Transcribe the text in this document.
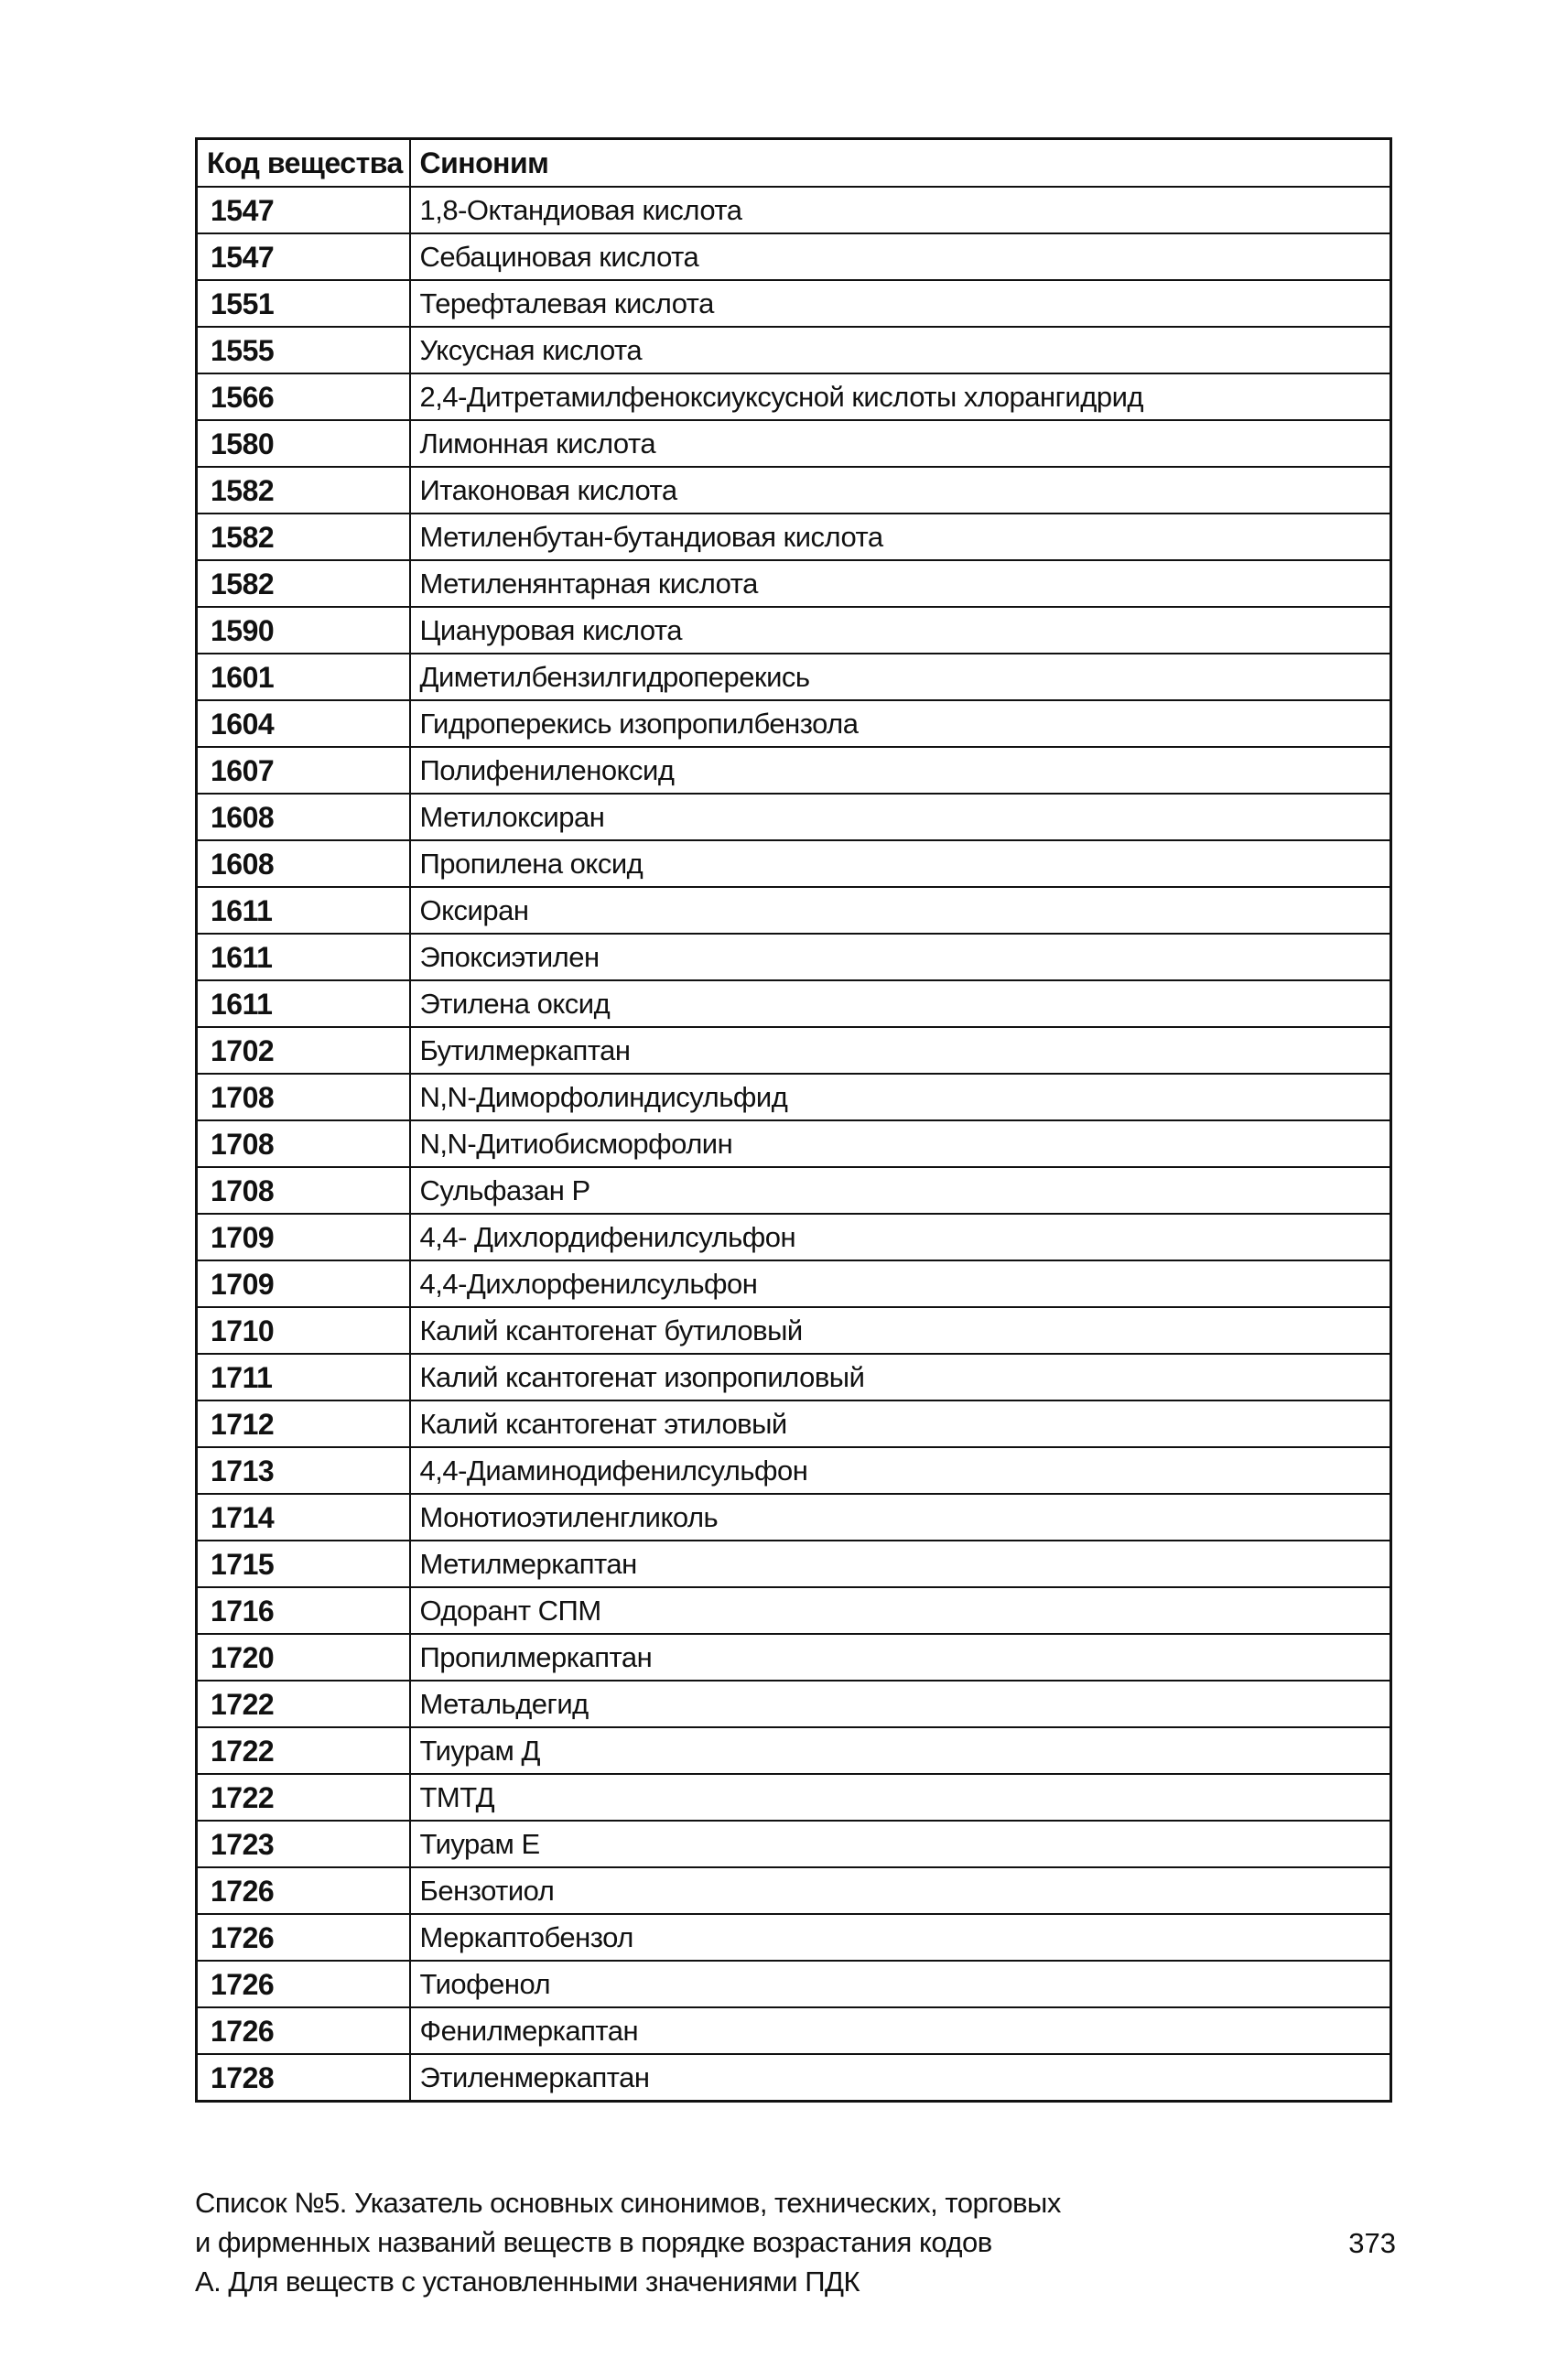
Код вещества	Синоним
1547	1,8-Октандиовая кислота
1547	Себациновая кислота
1551	Терефталевая кислота
1555	Уксусная кислота
1566	2,4-Дитретамилфеноксиуксусной кислоты хлорангидрид
1580	Лимонная кислота
1582	Итаконовая кислота
1582	Метиленбутан-бутандиовая кислота
1582	Метиленянтарная кислота
1590	Циануровая кислота
1601	Диметилбензилгидроперекись
1604	Гидроперекись изопропилбензола
1607	Полифениленоксид
1608	Метилоксиран
1608	Пропилена оксид
1611	Оксиран
1611	Эпоксиэтилен
1611	Этилена оксид
1702	Бутилмеркаптан
1708	N,N-Диморфолиндисульфид
1708	N,N-Дитиобисморфолин
1708	Сульфазан Р
1709	4,4- Дихлордифенилсульфон
1709	4,4-Дихлорфенилсульфон
1710	Калий ксантогенат бутиловый
1711	Калий ксантогенат изопропиловый
1712	Калий ксантогенат этиловый
1713	4,4-Диаминодифенилсульфон
1714	Монотиоэтиленгликоль
1715	Метилмеркаптан
1716	Одорант СПМ
1720	Пропилмеркаптан
1722	Метальдегид
1722	Тиурам Д
1722	ТМТД
1723	Тиурам Е
1726	Бензотиол
1726	Меркаптобензол
1726	Тиофенол
1726	Фенилмеркаптан
1728	Этиленмеркаптан
Список №5. Указатель основных синонимов, технических, торговых
и фирменных названий веществ в порядке возрастания кодов
А. Для веществ с установленными значениями ПДК
373
